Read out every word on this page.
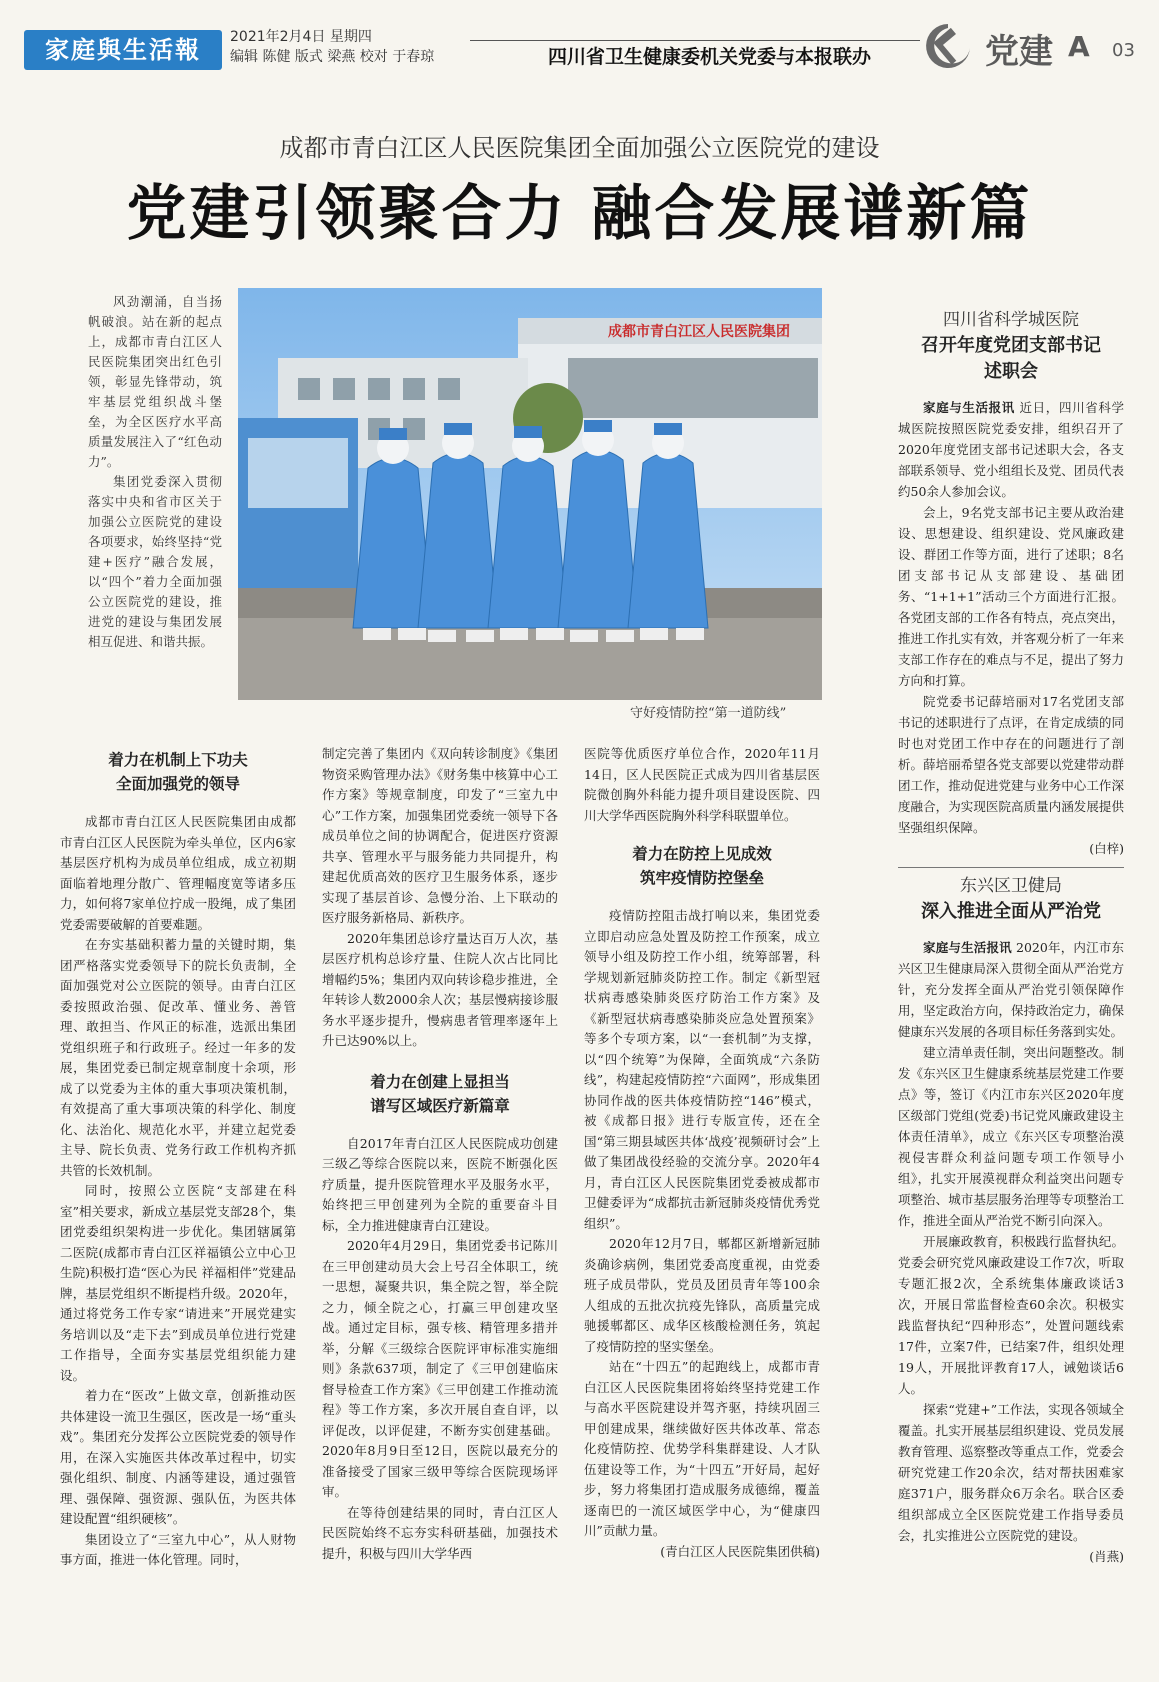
家庭與生活報	2021年2月4日 星期四
编辑 陈健 版式 梁燕 校对 于春琼	四川省卫生健康委机关党委与本报联办	党建 A 03
成都市青白江区人民医院集团全面加强公立医院党的建设
党建引领聚合力 融合发展谱新篇

风劲潮涌，自当扬帆破浪。站在新的起点上，成都市青白江区人民医院集团突出红色引领，彰显先锋带动，筑牢基层党组织战斗堡垒，为全区医疗水平高质量发展注入了“红色动力”。

集团党委深入贯彻落实中央和省市区关于加强公立医院党的建设各项要求，始终坚持“党建+医疗”融合发展，以“四个”着力全面加强公立医院党的建设，推进党的建设与集团发展相互促进、和谐共振。

成都市青白江区人民医院集团
守好疫情防控“第一道防线”
四川省科学城医院
召开年度党团支部书记
述职会

家庭与生活报讯 近日，四川省科学城医院按照医院党委安排，组织召开了2020年度党团支部书记述职大会，各支部联系领导、党小组组长及党、团员代表约50余人参加会议。

会上，9名党支部书记主要从政治建设、思想建设、组织建设、党风廉政建设、群团工作等方面，进行了述职；8名团支部书记从支部建设、基础团务、“1+1+1”活动三个方面进行汇报。各党团支部的工作各有特点，亮点突出，推进工作扎实有效，并客观分析了一年来支部工作存在的难点与不足，提出了努力方向和打算。

院党委书记薛培丽对17名党团支部书记的述职进行了点评，在肯定成绩的同时也对党团工作中存在的问题进行了剖析。薛培丽希望各党支部要以党建带动群团工作，推动促进党建与业务中心工作深度融合，为实现医院高质量内涵发展提供坚强组织保障。

(白梓)

东兴区卫健局
深入推进全面从严治党

家庭与生活报讯 2020年，内江市东兴区卫生健康局深入贯彻全面从严治党方针，充分发挥全面从严治党引领保障作用，坚定政治方向，保持政治定力，确保健康东兴发展的各项目标任务落到实处。

建立清单责任制，突出问题整改。制发《东兴区卫生健康系统基层党建工作要点》等，签订《内江市东兴区2020年度区级部门党组(党委)书记党风廉政建设主体责任清单》，成立《东兴区专项整治漠视侵害群众利益问题专项工作领导小组》，扎实开展漠视群众利益突出问题专项整治、城市基层服务治理等专项整治工作，推进全面从严治党不断引向深入。

开展廉政教育，积极践行监督执纪。党委会研究党风廉政建设工作7次，听取专题汇报2次，全系统集体廉政谈话3次，开展日常监督检查60余次。积极实践监督执纪“四种形态”，处置问题线索17件，立案7件，已结案7件，组织处理19人，开展批评教育17人，诫勉谈话6人。

探索“党建+”工作法，实现各领域全覆盖。扎实开展基层组织建设、党员发展教育管理、巡察整改等重点工作，党委会研究党建工作20余次，结对帮扶困难家庭371户，服务群众6万余名。联合区委组织部成立全区医院党建工作指导委员会，扎实推进公立医院党的建设。

(肖燕)

着力在机制上下功夫
全面加强党的领导

成都市青白江区人民医院集团由成都市青白江区人民医院为牵头单位，区内6家基层医疗机构为成员单位组成，成立初期面临着地理分散广、管理幅度宽等诸多压力，如何将7家单位拧成一股绳，成了集团党委需要破解的首要难题。

在夯实基础积蓄力量的关键时期，集团严格落实党委领导下的院长负责制，全面加强党对公立医院的领导。由青白江区委按照政治强、促改革、懂业务、善管理、敢担当、作风正的标准，选派出集团党组织班子和行政班子。经过一年多的发展，集团党委已制定规章制度十余项，形成了以党委为主体的重大事项决策机制，有效提高了重大事项决策的科学化、制度化、法治化、规范化水平，并建立起党委主导、院长负责、党务行政工作机构齐抓共管的长效机制。

同时，按照公立医院“支部建在科室”相关要求，新成立基层党支部28个，集团党委组织架构进一步优化。集团辖属第二医院(成都市青白江区祥福镇公立中心卫生院)积极打造“医心为民 祥福相伴”党建品牌，基层党组织不断提档升级。2020年，通过将党务工作专家“请进来”开展党建实务培训以及“走下去”到成员单位进行党建工作指导，全面夯实基层党组织能力建设。

着力在“医改”上做文章，创新推动医共体建设一流卫生强区，医改是一场“重头戏”。集团充分发挥公立医院党委的领导作用，在深入实施医共体改革过程中，切实强化组织、制度、内涵等建设，通过强管理、强保障、强资源、强队伍，为医共体建设配置“组织硬核”。

集团设立了“三室九中心”，从人财物事方面，推进一体化管理。同时，

制定完善了集团内《双向转诊制度》《集团物资采购管理办法》《财务集中核算中心工作方案》等规章制度，印发了“三室九中心”工作方案，加强集团党委统一领导下各成员单位之间的协调配合，促进医疗资源共享、管理水平与服务能力共同提升，构建起优质高效的医疗卫生服务体系，逐步实现了基层首诊、急慢分治、上下联动的医疗服务新格局、新秩序。

2020年集团总诊疗量达百万人次，基层医疗机构总诊疗量、住院人次占比同比增幅约5%；集团内双向转诊稳步推进，全年转诊人数2000余人次；基层慢病接诊服务水平逐步提升，慢病患者管理率逐年上升已达90%以上。

着力在创建上显担当
谱写区域医疗新篇章

自2017年青白江区人民医院成功创建三级乙等综合医院以来，医院不断强化医疗质量，提升医院管理水平及服务水平，始终把三甲创建列为全院的重要奋斗目标，全力推进健康青白江建设。

2020年4月29日，集团党委书记陈川在三甲创建动员大会上号召全体职工，统一思想，凝聚共识，集全院之智，举全院之力，倾全院之心，打赢三甲创建攻坚战。通过定目标，强专核、精管理多措并举，分解《三级综合医院评审标准实施细则》条款637项，制定了《三甲创建临床督导检查工作方案》《三甲创建工作推动流程》等工作方案，多次开展自查自评，以评促改，以评促建，不断夯实创建基础。2020年8月9日至12日，医院以最充分的准备接受了国家三级甲等综合医院现场评审。

在等待创建结果的同时，青白江区人民医院始终不忘夯实科研基础，加强技术提升，积极与四川大学华西

医院等优质医疗单位合作，2020年11月14日，区人民医院正式成为四川省基层医院微创胸外科能力提升项目建设医院、四川大学华西医院胸外科学科联盟单位。

着力在防控上见成效
筑牢疫情防控堡垒

疫情防控阻击战打响以来，集团党委立即启动应急处置及防控工作预案，成立领导小组及防控工作小组，统筹部署，科学规划新冠肺炎防控工作。制定《新型冠状病毒感染肺炎医疗防治工作方案》及《新型冠状病毒感染肺炎应急处置预案》等多个专项方案，以“一套机制”为支撑，以“四个统筹”为保障，全面筑成“六条防线”，构建起疫情防控“六面网”，形成集团协同作战的医共体疫情防控“146”模式，被《成都日报》进行专版宣传，还在全国“第三期县域医共体‘战疫’视频研讨会”上做了集团战役经验的交流分享。2020年4月，青白江区人民医院集团党委被成都市卫健委评为“成都抗击新冠肺炎疫情优秀党组织”。

2020年12月7日，郫都区新增新冠肺炎确诊病例，集团党委高度重视，由党委班子成员带队，党员及团员青年等100余人组成的五批次抗疫先锋队，高质量完成驰援郫都区、成华区核酸检测任务，筑起了疫情防控的坚实堡垒。

站在“十四五”的起跑线上，成都市青白江区人民医院集团将始终坚持党建工作与高水平医院建设并驾齐驱，持续巩固三甲创建成果，继续做好医共体改革、常态化疫情防控、优势学科集群建设、人才队伍建设等工作，为“十四五”开好局，起好步，努力将集团打造成服务成德绵，覆盖逐南巴的一流区域医学中心，为“健康四川”贡献力量。

(青白江区人民医院集团供稿)
